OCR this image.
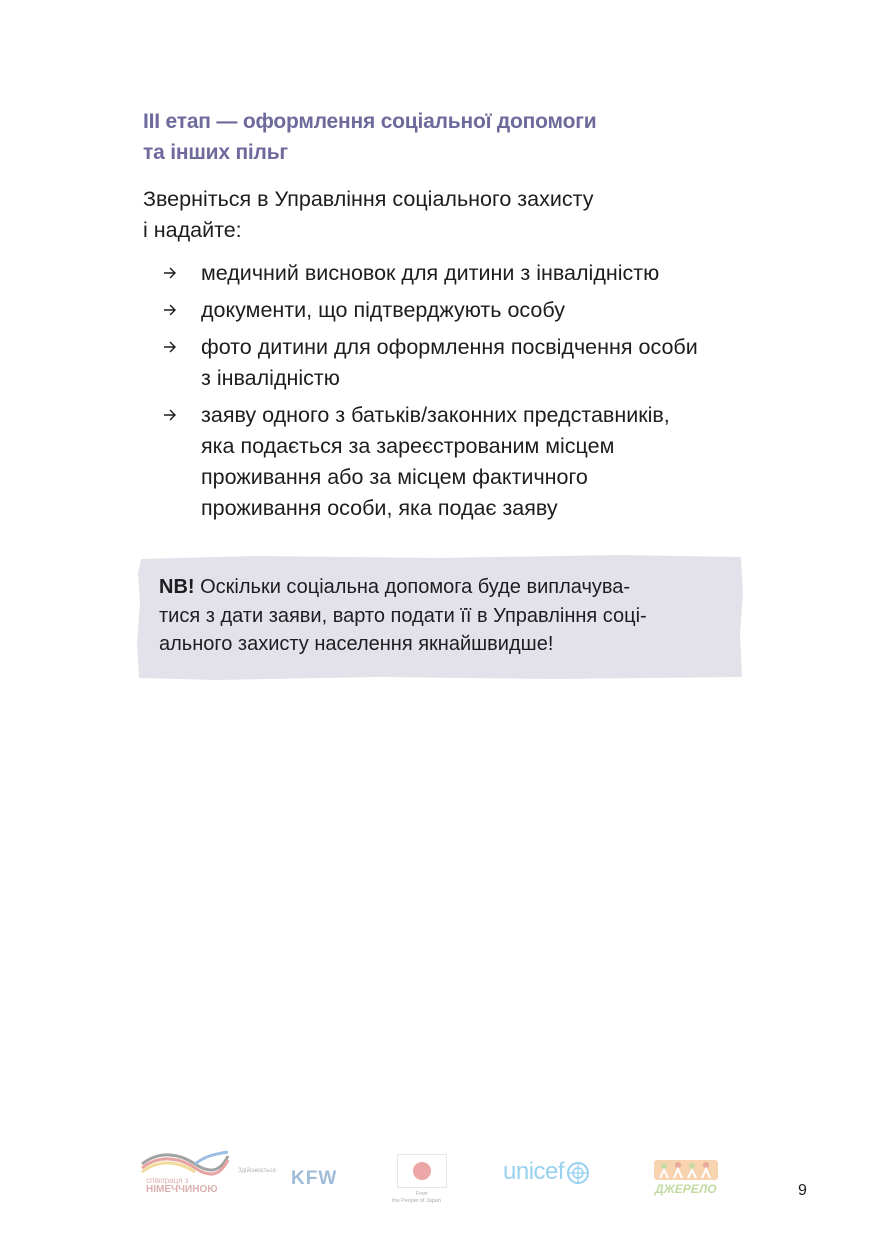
III етап — оформлення соціальної допомоги
та інших пільг
Зверніться в Управління соціального захисту
і надайте:
медичний висновок для дитини з інвалідністю
документи, що підтверджують особу
фото дитини для оформлення посвідчення особи
з інвалідністю
заяву одного з батьків/законних представників,
яка подається за зареєстрованим місцем
проживання або за місцем фактичного
проживання особи, яка подає заяву
NB! Оскільки соціальна допомога буде виплачува-
тися з дати заяви, варто подати її в Управління соці-
ального захисту населення якнайшвидше!
співпраця з
НІМЕЧЧИНОЮ
Здійснюється KFW
From
the People of Japan
unicef
ДЖЕРЕЛО	9
